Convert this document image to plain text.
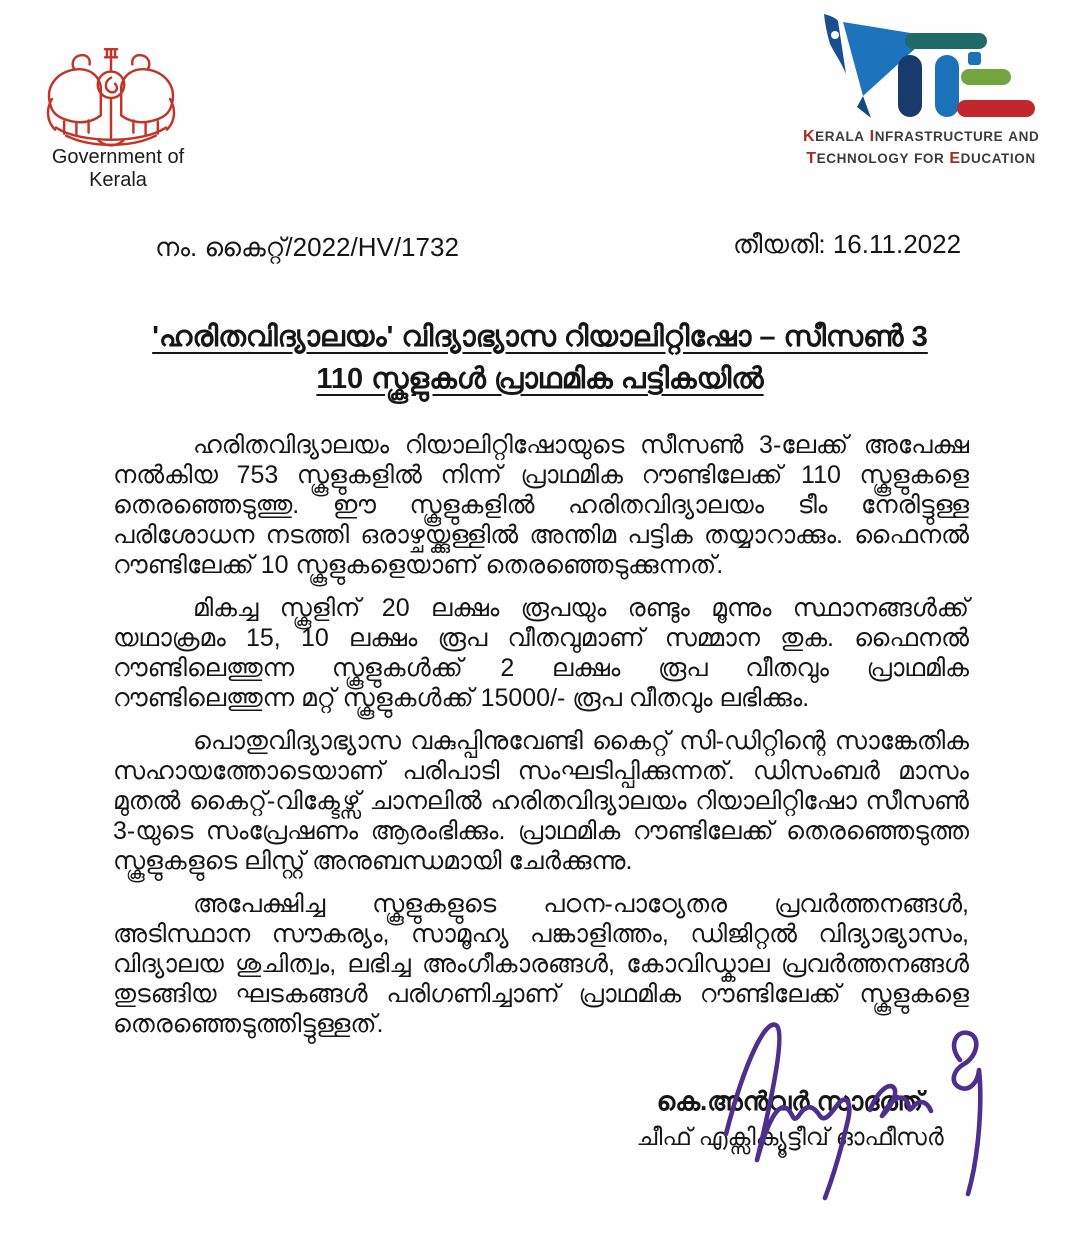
Government of Kerala
KERALA INFRASTRUCTURE AND
TECHNOLOGY FOR EDUCATION
നം. കൈറ്റ്/2022/HV/1732	തീയതി: 16.11.2022
'ഹരിതവിദ്യാലയം' വിദ്യാഭ്യാസ റിയാലിറ്റിഷോ – സീസൺ 3
110 സ്കൂളുകൾ പ്രാഥമിക പട്ടികയിൽ

ഹരിതവിദ്യാലയം റിയാലിറ്റിഷോയുടെ സീസൺ 3-ലേക്ക് അപേക്ഷ നൽകിയ 753 സ്കൂളുകളിൽ നിന്ന് പ്രാഥമിക റൗണ്ടിലേക്ക് 110 സ്കൂളുകളെ തെരഞ്ഞെടുത്തു. ഈ സ്കൂളുകളിൽ ഹരിതവിദ്യാലയം ടീം നേരിട്ടുള്ള പരിശോധന നടത്തി ഒരാഴ്ചയ്ക്കുള്ളിൽ അന്തിമ പട്ടിക തയ്യാറാക്കും. ഫൈനൽ റൗണ്ടിലേക്ക് 10 സ്കൂളുകളെയാണ് തെരഞ്ഞെടുക്കുന്നത്.

മികച്ച സ്കൂളിന് 20 ലക്ഷം രൂപയും രണ്ടും മൂന്നും സ്ഥാനങ്ങൾക്ക് യഥാക്രമം 15, 10 ലക്ഷം രൂപ വീതവുമാണ് സമ്മാന തുക. ഫൈനൽ റൗണ്ടിലെത്തുന്ന സ്കൂളുകൾക്ക് 2 ലക്ഷം രൂപ വീതവും പ്രാഥമിക റൗണ്ടിലെത്തുന്ന മറ്റ് സ്കൂളുകൾക്ക് 15000/- രൂപ വീതവും ലഭിക്കും.

പൊതുവിദ്യാഭ്യാസ വകുപ്പിനുവേണ്ടി കൈറ്റ് സി-ഡിറ്റിന്റെ സാങ്കേതിക സഹായത്തോടെയാണ് പരിപാടി സംഘടിപ്പിക്കുന്നത്. ഡിസംബർ മാസം മുതൽ കൈറ്റ്-വിക്ടേഴ്സ് ചാനലിൽ ഹരിതവിദ്യാലയം റിയാലിറ്റിഷോ സീസൺ 3-യുടെ സംപ്രേഷണം ആരംഭിക്കും. പ്രാഥമിക റൗണ്ടിലേക്ക് തെരഞ്ഞെടുത്ത സ്കൂളുകളുടെ ലിസ്റ്റ് അനുബന്ധമായി ചേർക്കുന്നു.

അപേക്ഷിച്ച സ്കൂളുകളുടെ പഠന-പാഠ്യേതര പ്രവർത്തനങ്ങൾ, അടിസ്ഥാന സൗകര്യം, സാമൂഹ്യ പങ്കാളിത്തം, ഡിജിറ്റൽ വിദ്യാഭ്യാസം, വിദ്യാലയ ശുചിത്വം, ലഭിച്ച അംഗീകാരങ്ങൾ, കോവിഡ്കാല പ്രവർത്തനങ്ങൾ തുടങ്ങിയ ഘടകങ്ങൾ പരിഗണിച്ചാണ് പ്രാഥമിക റൗണ്ടിലേക്ക് സ്കൂളുകളെ തെരഞ്ഞെടുത്തിട്ടുള്ളത്.

കെ.അൻവർ സാദത്ത്
ചീഫ് എക്സിക്യൂട്ടീവ് ഓഫീസർ
